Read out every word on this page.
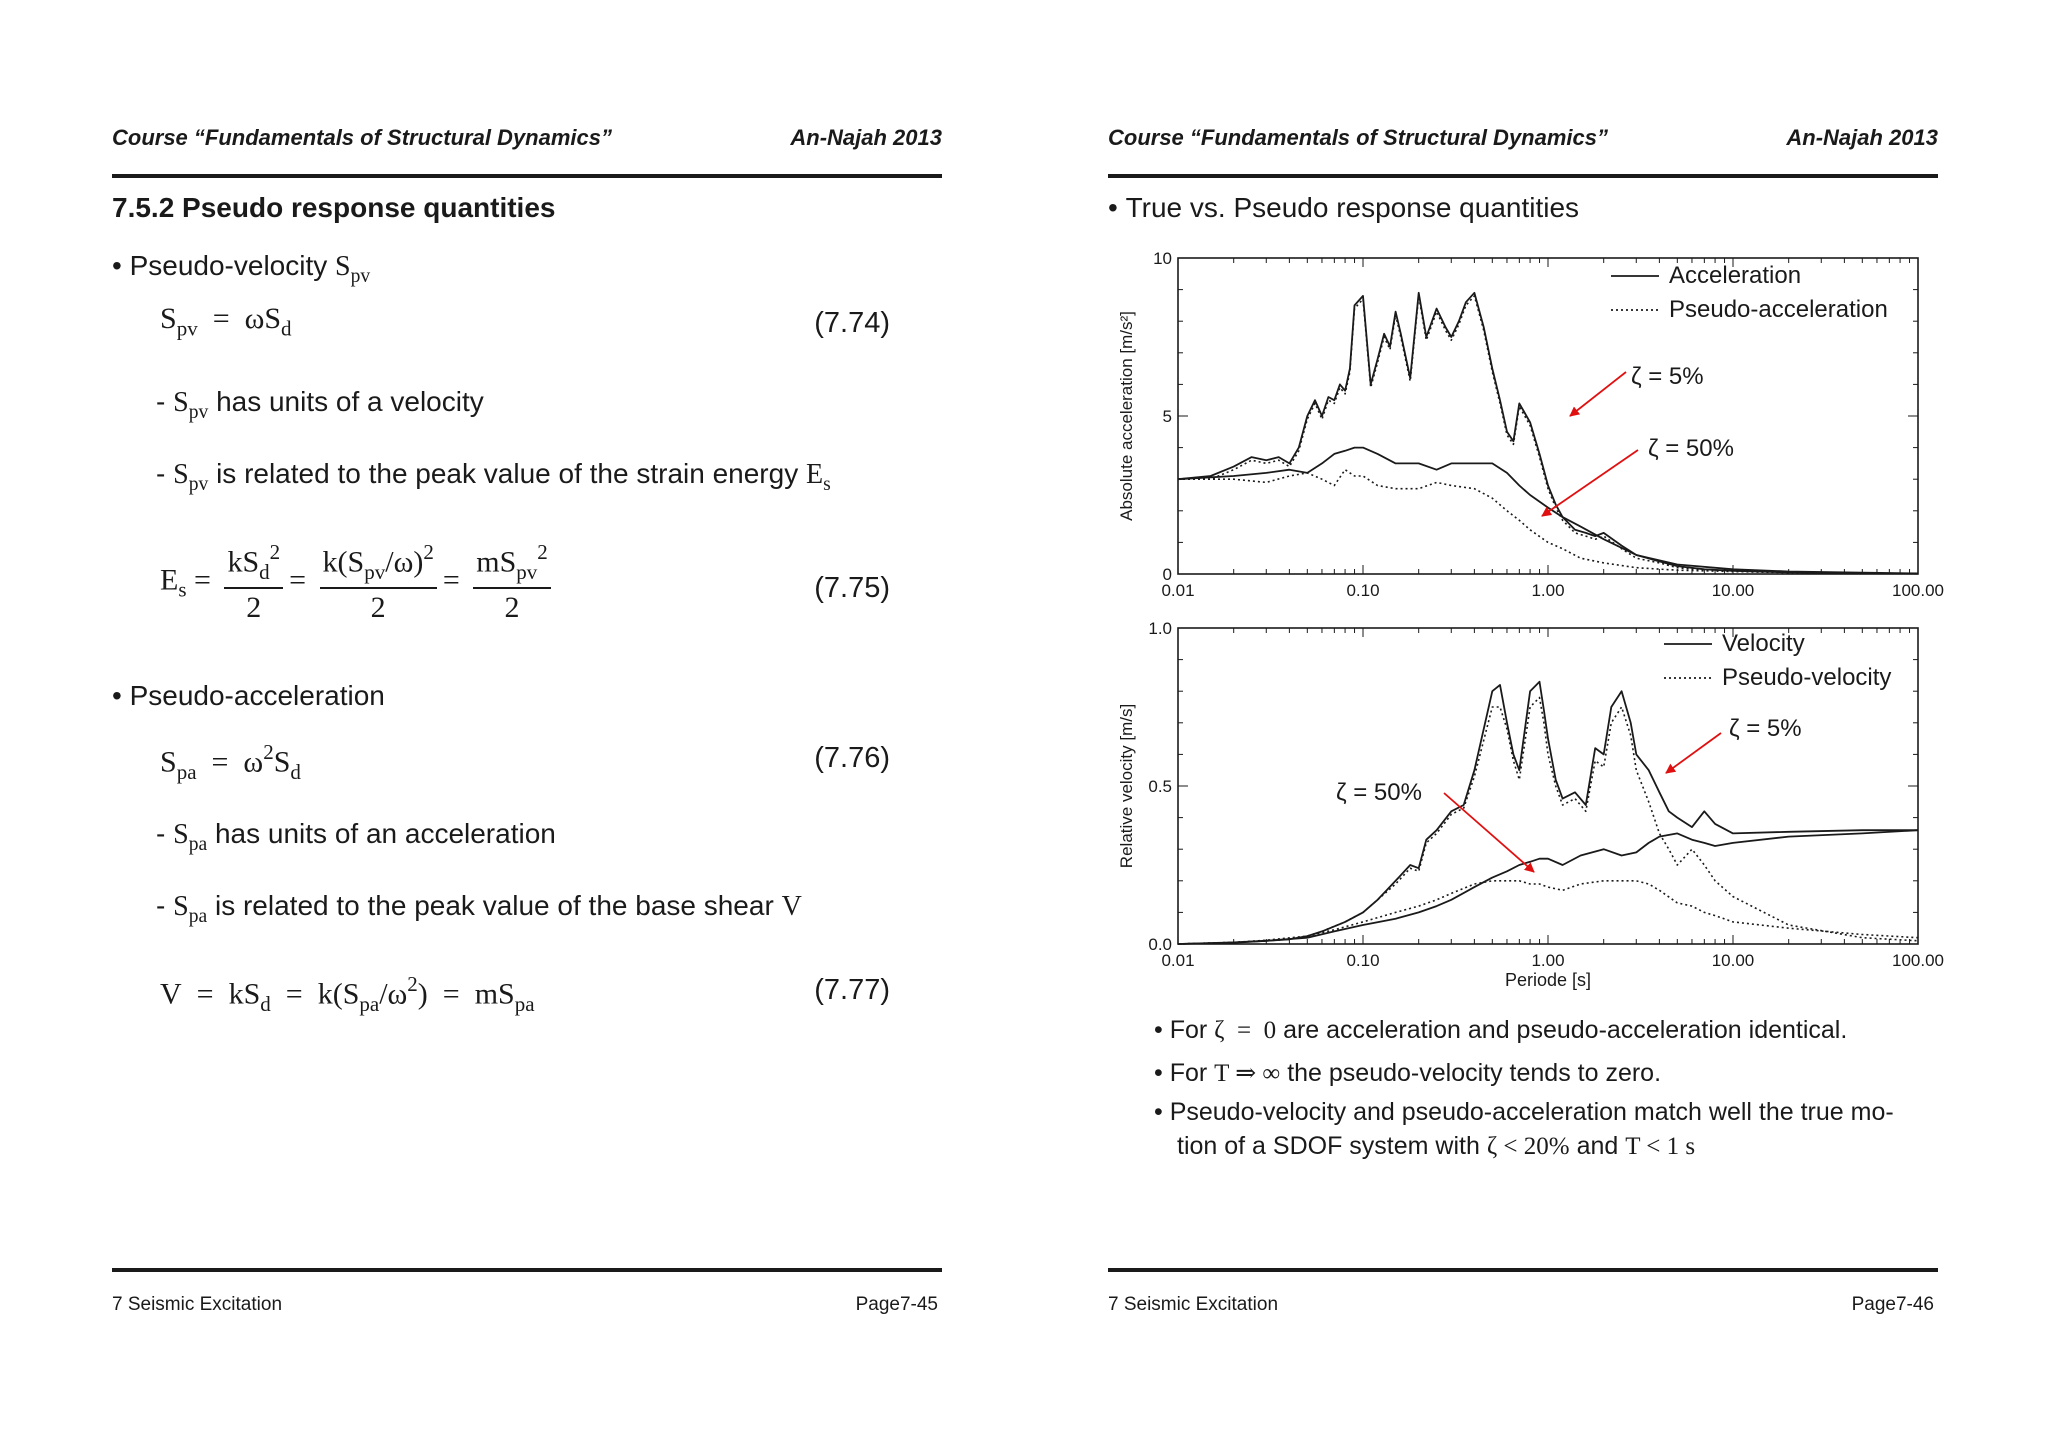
Course “Fundamentals of Structural Dynamics”	An-Najah 2013
7.5.2 Pseudo response quantities
• Pseudo-velocity $S_{pv}$
$S_{pv} = \omega S_d$	(7.74)
- $S_{pv}$ has units of a velocity
- $S_{pv}$ is related to the peak value of the strain energy $E_s$
$E_s = \frac{kS_d^2}{2} = \frac{k(S_{pv}/\omega)^2}{2} = \frac{mS_{pv}^2}{2}$	(7.75)
• Pseudo-acceleration
$S_{pa} = \omega^2S_d$	(7.76)
- $S_{pa}$ has units of an acceleration
- $S_{pa}$ is related to the peak value of the base shear V
$V = kS_d = k(S_{pa}/\omega^2) = mS_{pa}$	(7.77)
7 Seismic Excitation	Page7-45
Course “Fundamentals of Structural Dynamics”	An-Najah 2013
• True vs. Pseudo response quantities
0.01	0.10	1.00	10.00	100.00
0
5
10
Absolute acceleration [m/s²]
Acceleration
Pseudo-acceleration
ζ = 5%
ζ = 50%
0.01	0.10	1.00	10.00	100.00
0.0
0.5
1.0
Relative velocity [m/s]
Periode [s]
Velocity
Pseudo-velocity
ζ = 5%
ζ = 50%
• For ζ  =  0 are acceleration and pseudo-acceleration identical.
• For T ⇒ ∞ the pseudo-velocity tends to zero.
• Pseudo-velocity and pseudo-acceleration match well the true mo-
tion of a SDOF system with ζ < 20% and T < 1 s
7 Seismic Excitation	Page7-46
